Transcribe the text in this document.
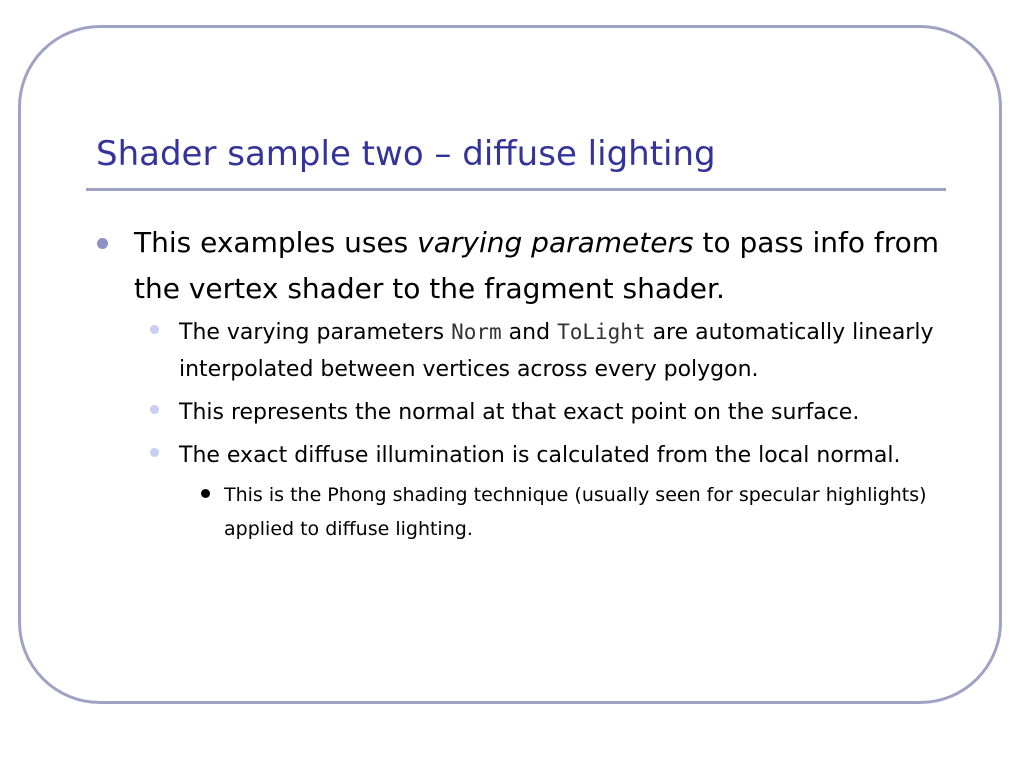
Shader sample two – diffuse lighting
This examples uses varying parameters to pass info from the vertex shader to the fragment shader.
The varying parameters Norm and ToLight are automatically linearly interpolated between vertices across every polygon.
This represents the normal at that exact point on the surface.
The exact diffuse illumination is calculated from the local normal.
This is the Phong shading technique (usually seen for specular highlights) applied to diffuse lighting.
